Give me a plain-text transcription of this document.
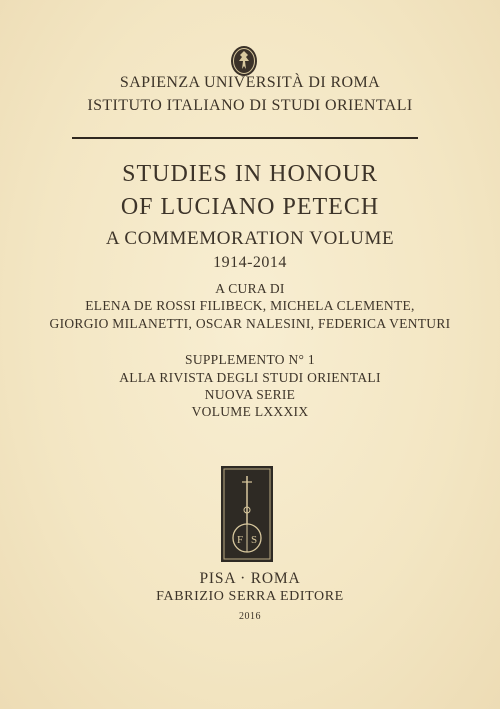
SAPIENZA UNIVERSITÀ DI ROMA
ISTITUTO ITALIANO DI STUDI ORIENTALI
STUDIES IN HONOUR
OF LUCIANO PETECH
A COMMEMORATION VOLUME
1914-2014
A CURA DI
ELENA DE ROSSI FILIBECK, MICHELA CLEMENTE,
GIORGIO MILANETTI, OSCAR NALESINI, FEDERICA VENTURI
SUPPLEMENTO N° 1
ALLA RIVISTA DEGLI STUDI ORIENTALI
NUOVA SERIE
VOLUME LXXXIX
F S
PISA · ROMA
FABRIZIO SERRA EDITORE
2016
